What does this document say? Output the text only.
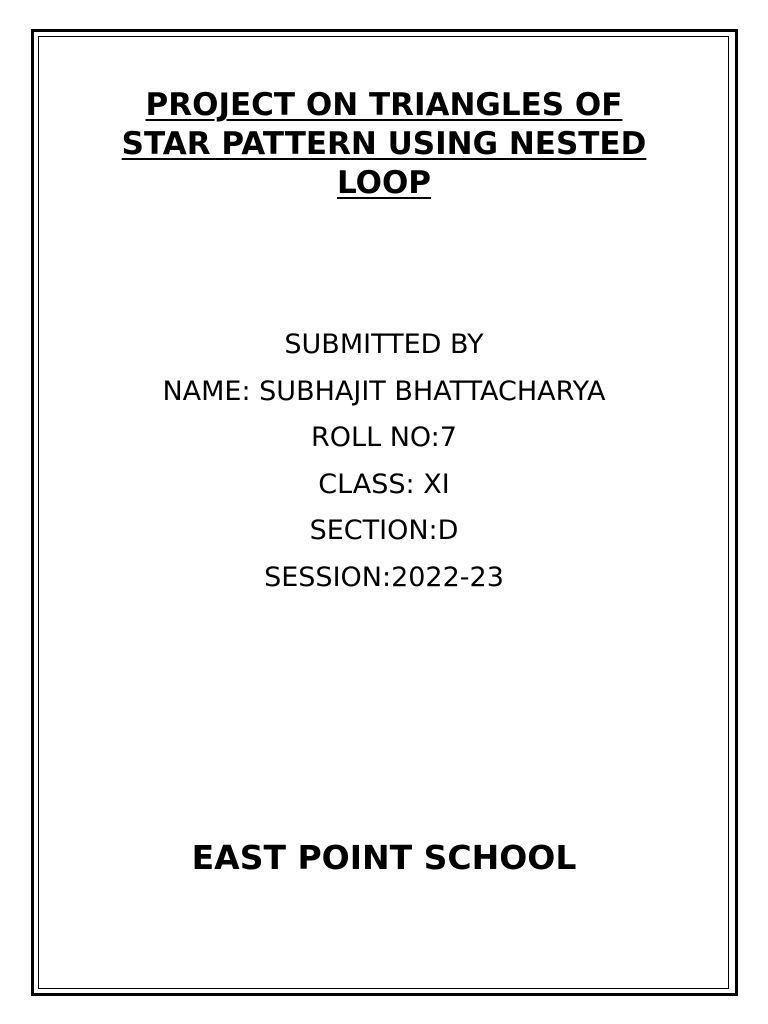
PROJECT ON TRIANGLES OF
STAR PATTERN USING NESTED
LOOP
SUBMITTED BY
NAME: SUBHAJIT BHATTACHARYA
ROLL NO:7
CLASS: XI
SECTION:D
SESSION:2022-23
EAST POINT SCHOOL
